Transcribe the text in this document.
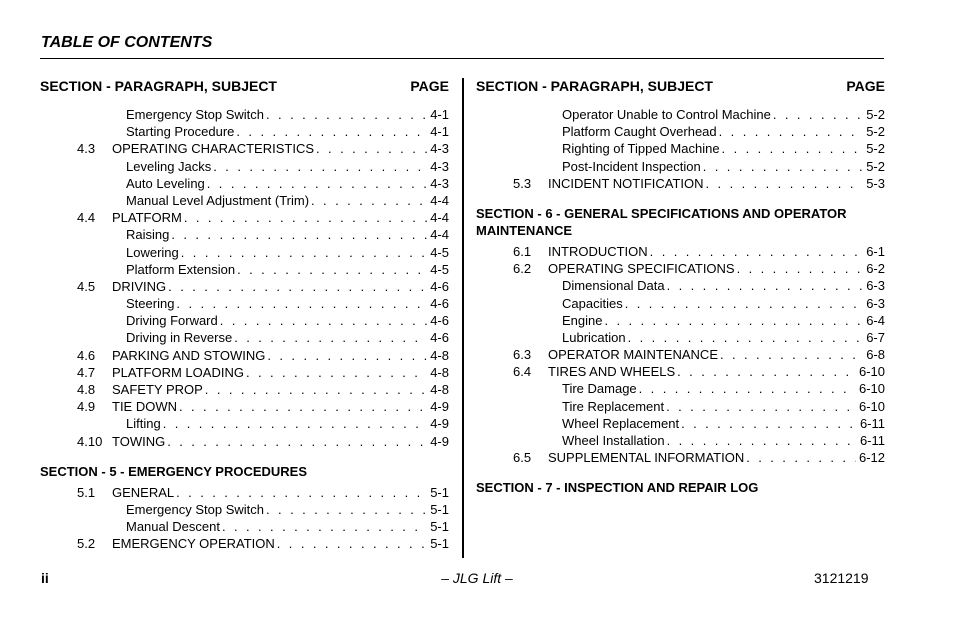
TABLE OF CONTENTS
SECTION - PARAGRAPH, SUBJECT	PAGE
Emergency Stop Switch . . .	4-1
Starting Procedure . . .	4-1
4.3 OPERATING CHARACTERISTICS . . .	4-3
Leveling Jacks . . .	4-3
Auto Leveling . . .	4-3
Manual Level Adjustment (Trim) . . .	4-4
4.4 PLATFORM . . .	4-4
Raising . . .	4-4
Lowering . . .	4-5
Platform Extension . . .	4-5
4.5 DRIVING . . .	4-6
Steering . . .	4-6
Driving Forward . . .	4-6
Driving in Reverse . . .	4-6
4.6 PARKING AND STOWING . . .	4-8
4.7 PLATFORM LOADING . . .	4-8
4.8 SAFETY PROP . . .	4-8
4.9 TIE DOWN . . .	4-9
Lifting . . .	4-9
4.10 TOWING . . .	4-9
SECTION - 5 - EMERGENCY PROCEDURES
5.1 GENERAL . . .	5-1
Emergency Stop Switch . . .	5-1
Manual Descent . . .	5-1
5.2 EMERGENCY OPERATION . . .	5-1
SECTION - PARAGRAPH, SUBJECT	PAGE
Operator Unable to Control Machine . . .	5-2
Platform Caught Overhead . . .	5-2
Righting of Tipped Machine . . .	5-2
Post-Incident Inspection . . .	5-2
5.3 INCIDENT NOTIFICATION . . .	5-3
SECTION - 6 - GENERAL SPECIFICATIONS AND OPERATOR MAINTENANCE
6.1 INTRODUCTION . . .	6-1
6.2 OPERATING SPECIFICATIONS . . .	6-2
Dimensional Data . . .	6-3
Capacities . . .	6-3
Engine . . .	6-4
Lubrication . . .	6-7
6.3 OPERATOR MAINTENANCE . . .	6-8
6.4 TIRES AND WHEELS . . .	6-10
Tire Damage . . .	6-10
Tire Replacement . . .	6-10
Wheel Replacement . . .	6-11
Wheel Installation . . .	6-11
6.5 SUPPLEMENTAL INFORMATION . . .	6-12
SECTION - 7 - INSPECTION AND REPAIR LOG
ii	– JLG Lift –	3121219
